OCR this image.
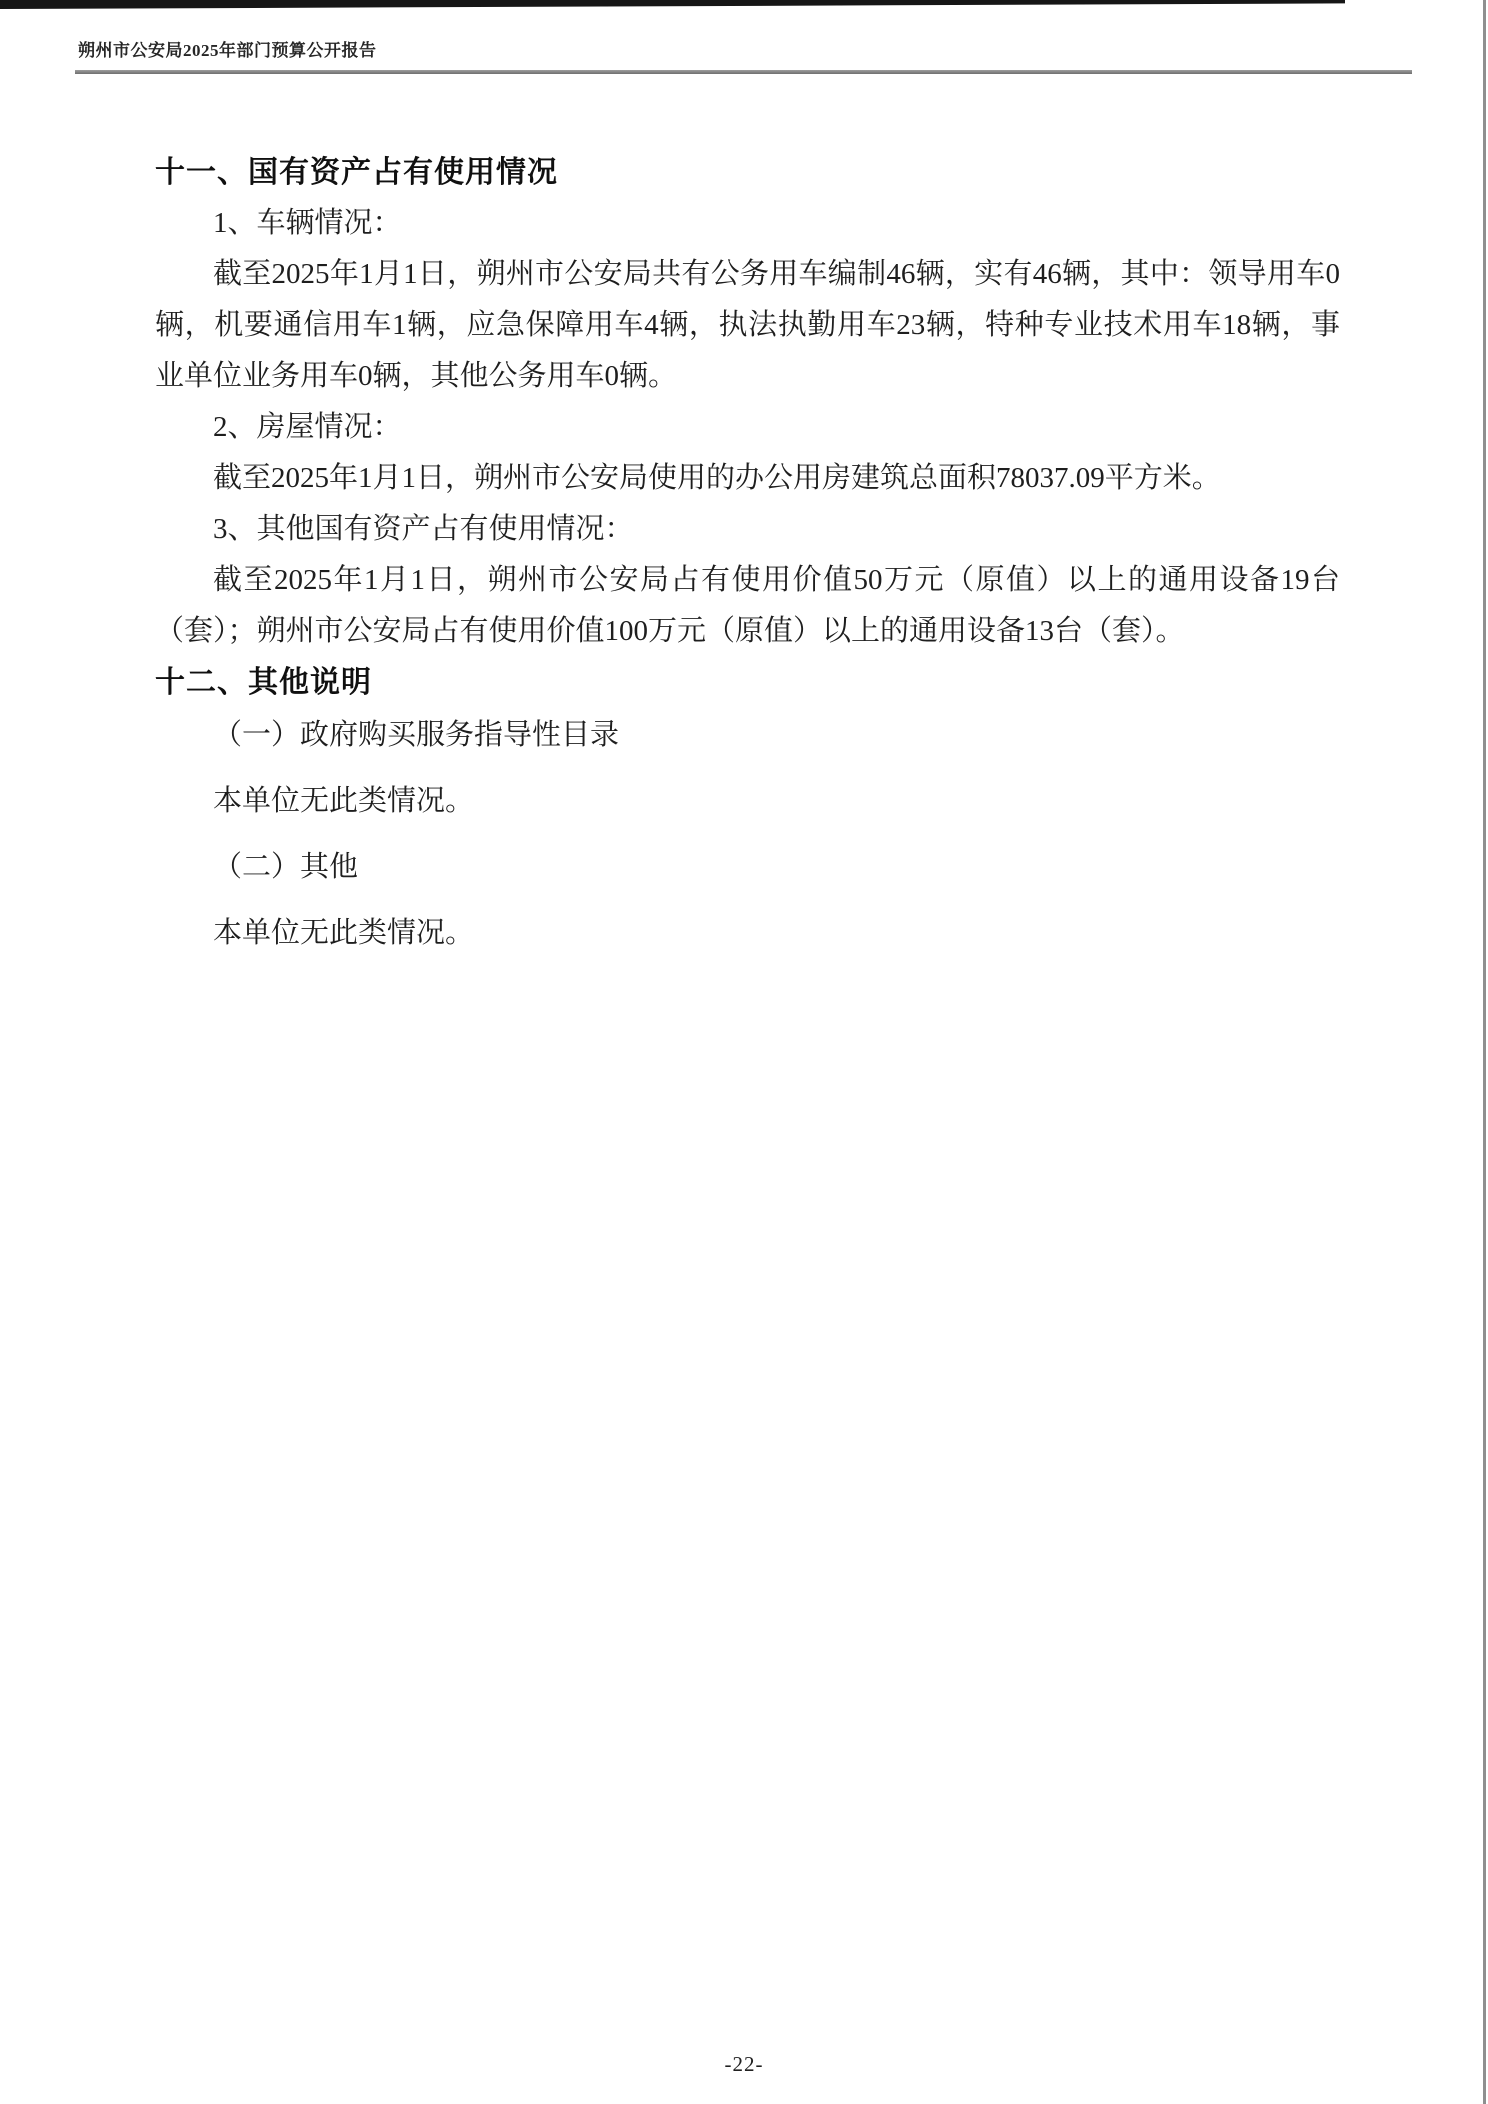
朔州市公安局2025年部门预算公开报告
十一、国有资产占有使用情况

1、车辆情况：

截至2025年1月1日，朔州市公安局共有公务用车编制46辆，实有46辆，其中：领导用车0辆，机要通信用车1辆，应急保障用车4辆，执法执勤用车23辆，特种专业技术用车18辆，事业单位业务用车0辆，其他公务用车0辆。

2、房屋情况：

截至2025年1月1日，朔州市公安局使用的办公用房建筑总面积78037.09平方米。

3、其他国有资产占有使用情况：

截至2025年1月1日，朔州市公安局占有使用价值50万元（原值）以上的通用设备19台（套）；朔州市公安局占有使用价值100万元（原值）以上的通用设备13台（套）。

十二、其他说明

（一）政府购买服务指导性目录

本单位无此类情况。

（二）其他

本单位无此类情况。

-22-
